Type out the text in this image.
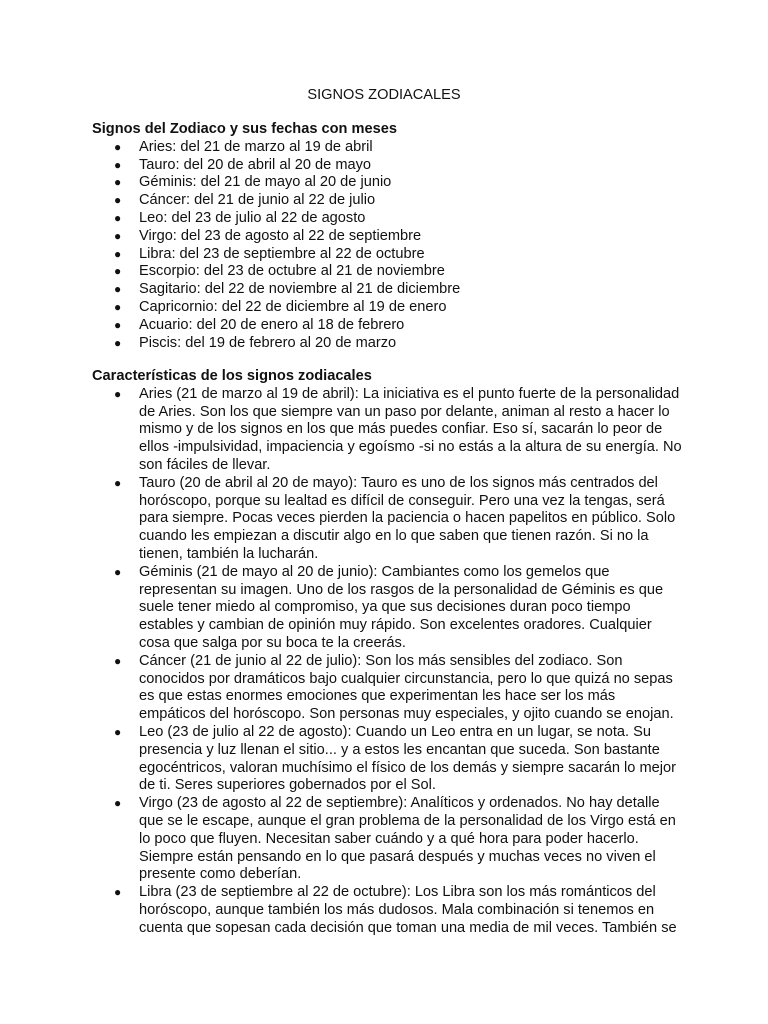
SIGNOS ZODIACALES

Signos del Zodiaco y sus fechas con meses

● Aries: del 21 de marzo al 19 de abril
● Tauro: del 20 de abril al 20 de mayo
● Géminis: del 21 de mayo al 20 de junio
● Cáncer: del 21 de junio al 22 de julio
● Leo: del 23 de julio al 22 de agosto
● Virgo: del 23 de agosto al 22 de septiembre
● Libra: del 23 de septiembre al 22 de octubre
● Escorpio: del 23 de octubre al 21 de noviembre
● Sagitario: del 22 de noviembre al 21 de diciembre
● Capricornio: del 22 de diciembre al 19 de enero
● Acuario: del 20 de enero al 18 de febrero
● Piscis: del 19 de febrero al 20 de marzo

Características de los signos zodiacales

● Aries (21 de marzo al 19 de abril): La iniciativa es el punto fuerte de la personalidad de Aries. Son los que siempre van un paso por delante, animan al resto a hacer lo mismo y de los signos en los que más puedes confiar. Eso sí, sacarán lo peor de ellos -impulsividad, impaciencia y egoísmo -si no estás a la altura de su energía. No son fáciles de llevar.
● Tauro (20 de abril al 20 de mayo): Tauro es uno de los signos más centrados del horóscopo, porque su lealtad es difícil de conseguir. Pero una vez la tengas, será para siempre. Pocas veces pierden la paciencia o hacen papelitos en público. Solo cuando les empiezan a discutir algo en lo que saben que tienen razón. Si no la tienen, también la lucharán.
● Géminis (21 de mayo al 20 de junio): Cambiantes como los gemelos que representan su imagen. Uno de los rasgos de la personalidad de Géminis es que suele tener miedo al compromiso, ya que sus decisiones duran poco tiempo estables y cambian de opinión muy rápido. Son excelentes oradores. Cualquier cosa que salga por su boca te la creerás.
● Cáncer (21 de junio al 22 de julio): Son los más sensibles del zodiaco. Son conocidos por dramáticos bajo cualquier circunstancia, pero lo que quizá no sepas es que estas enormes emociones que experimentan les hace ser los más empáticos del horóscopo. Son personas muy especiales, y ojito cuando se enojan.
● Leo (23 de julio al 22 de agosto): Cuando un Leo entra en un lugar, se nota. Su presencia y luz llenan el sitio... y a estos les encantan que suceda. Son bastante egocéntricos, valoran muchísimo el físico de los demás y siempre sacarán lo mejor de ti. Seres superiores gobernados por el Sol.
● Virgo (23 de agosto al 22 de septiembre): Analíticos y ordenados. No hay detalle que se le escape, aunque el gran problema de la personalidad de los Virgo está en lo poco que fluyen. Necesitan saber cuándo y a qué hora para poder hacerlo. Siempre están pensando en lo que pasará después y muchas veces no viven el presente como deberían.
● Libra (23 de septiembre al 22 de octubre): Los Libra son los más románticos del horóscopo, aunque también los más dudosos. Mala combinación si tenemos en cuenta que sopesan cada decisión que toman una media de mil veces. También se
